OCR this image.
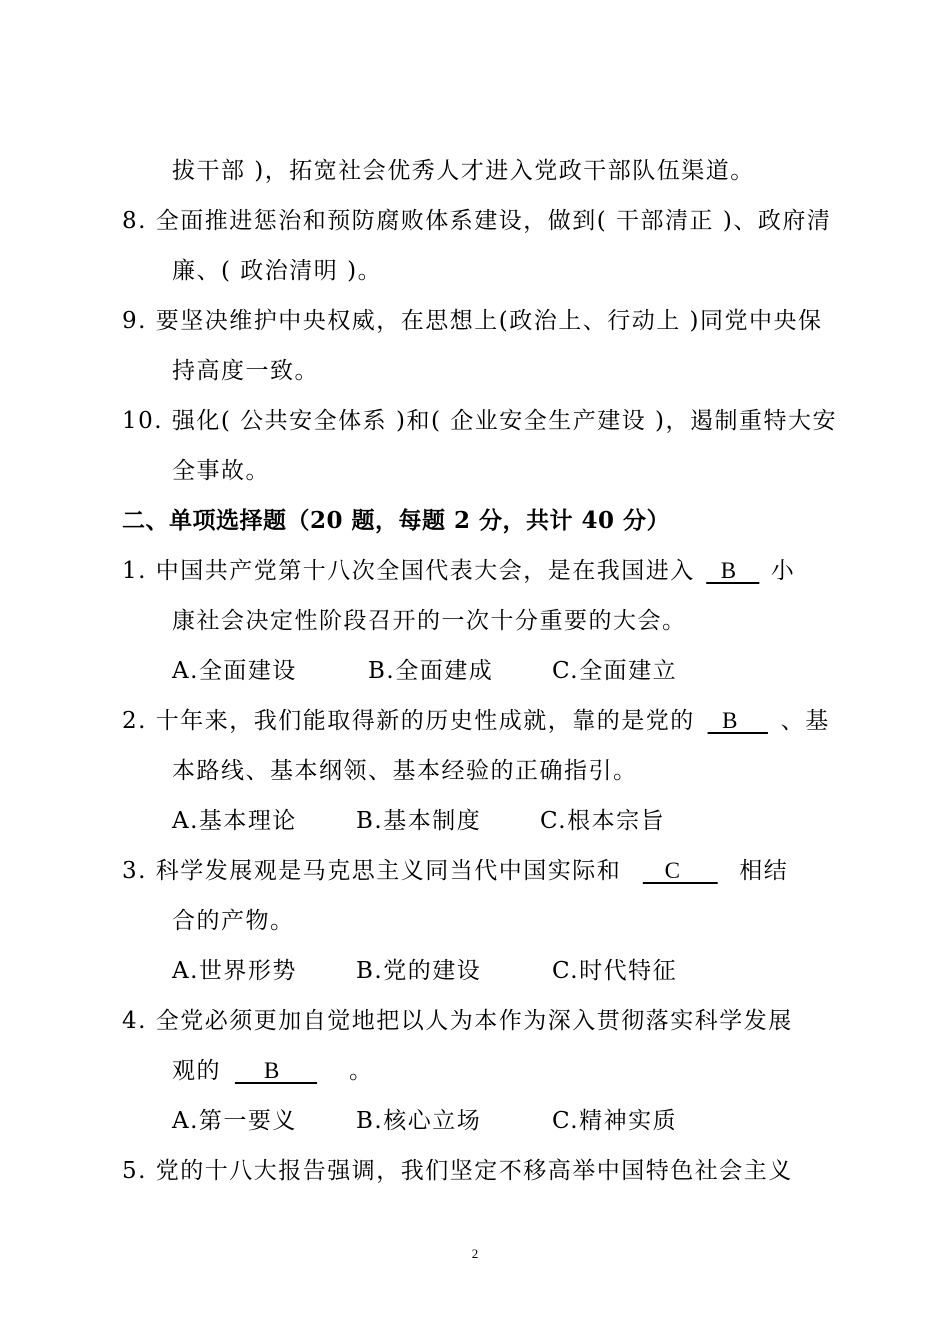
拔干部 )，拓宽社会优秀人才进入党政干部队伍渠道。
8. 全面推进惩治和预防腐败体系建设，做到( 干部清正 )、政府清
廉、( 政治清明 )。
9. 要坚决维护中央权威，在思想上(政治上、行动上 )同党中央保
持高度一致。
10. 强化( 公共安全体系 )和( 企业安全生产建设 )，遏制重特大安
全事故。
二、单项选择题（20 题，每题 2 分，共计 40 分）
1. 中国共产党第十八次全国代表大会，是在我国进入  B   小
康社会决定性阶段召开的一次十分重要的大会。
A.全面建设	B.全面建成	C.全面建立
2. 十年来，我们能取得新的历史性成就，靠的是党的  B    、基
本路线、基本纲领、基本经验的正确指引。
A.基本理论	B.基本制度	C.根本宗旨
3. 科学发展观是马克思主义同当代中国实际和   C     相结
合的产物。
A.世界形势	B.党的建设	C.时代特征
4. 全党必须更加自觉地把以人为本作为深入贯彻落实科学发展
观的    B     。
A.第一要义	B.核心立场	C.精神实质
5. 党的十八大报告强调，我们坚定不移高举中国特色社会主义
2
